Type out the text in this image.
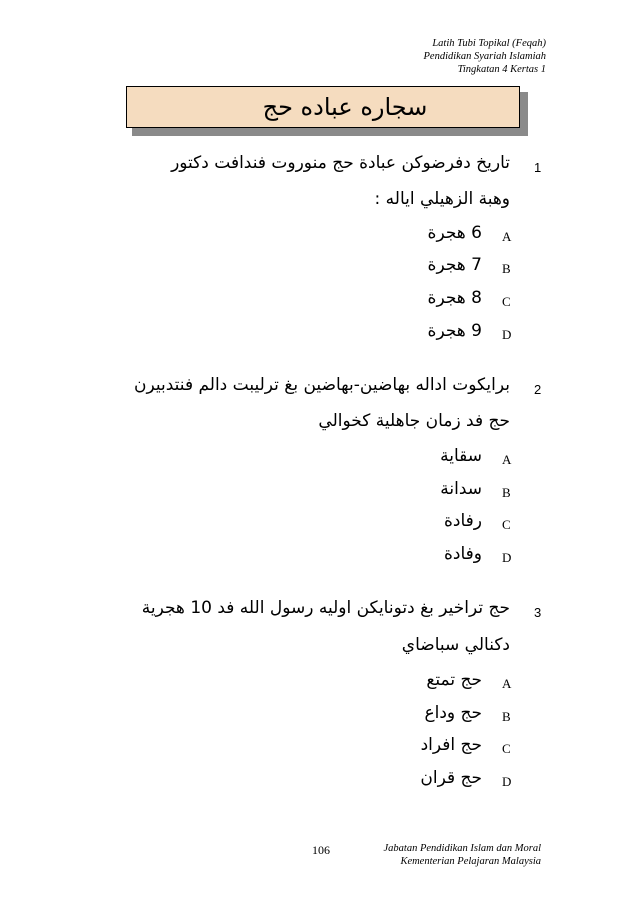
Latih Tubi Topikal (Feqah)
Pendidikan Syariah Islamiah
Tingkatan 4 Kertas 1
سجاره عباده حج
1
تاريخ دفرضوكن عبادة حج منوروت فندافت دكتور
وهبة الزهيلي اياله :
A
6 هجرة
B
7 هجرة
C
8 هجرة
D
9 هجرة
2
برايكوت اداله بهاضين-بهاضين بغ ترليبت دالم فنتدبيرن
حج فد زمان جاهلية كخوالي
A
سقاية
B
سدانة
C
رفادة
D
وفادة
3
حج تراخير بغ دتونايكن اوليه رسول الله فد 10 هجرية
دكنالي سباضاي
A
حج تمتع
B
حج وداع
C
حج افراد
D
حج قران
106	Jabatan Pendidikan Islam dan Moral
Kementerian Pelajaran Malaysia
